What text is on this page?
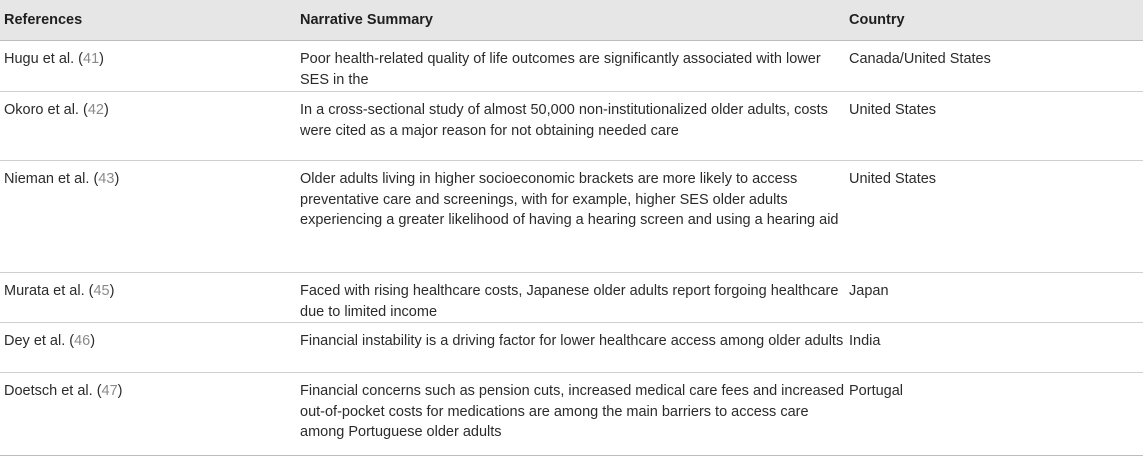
References	Narrative Summary	Country
Hugu et al. (41)	Poor health-related quality of life outcomes are significantly associated with lower SES in the	Canada/United States
Okoro et al. (42)	In a cross-sectional study of almost 50,000 non-institutionalized older adults, costs were cited as a major reason for not obtaining needed care	United States
Nieman et al. (43)	Older adults living in higher socioeconomic brackets are more likely to access preventative care and screenings, with for example, higher SES older adults experiencing a greater likelihood of having a hearing screen and using a hearing aid	United States
Murata et al. (45)	Faced with rising healthcare costs, Japanese older adults report forgoing healthcare due to limited income	Japan
Dey et al. (46)	Financial instability is a driving factor for lower healthcare access among older adults	India
Doetsch et al. (47)	Financial concerns such as pension cuts, increased medical care fees and increased out-of-pocket costs for medications are among the main barriers to access care among Portuguese older adults	Portugal
